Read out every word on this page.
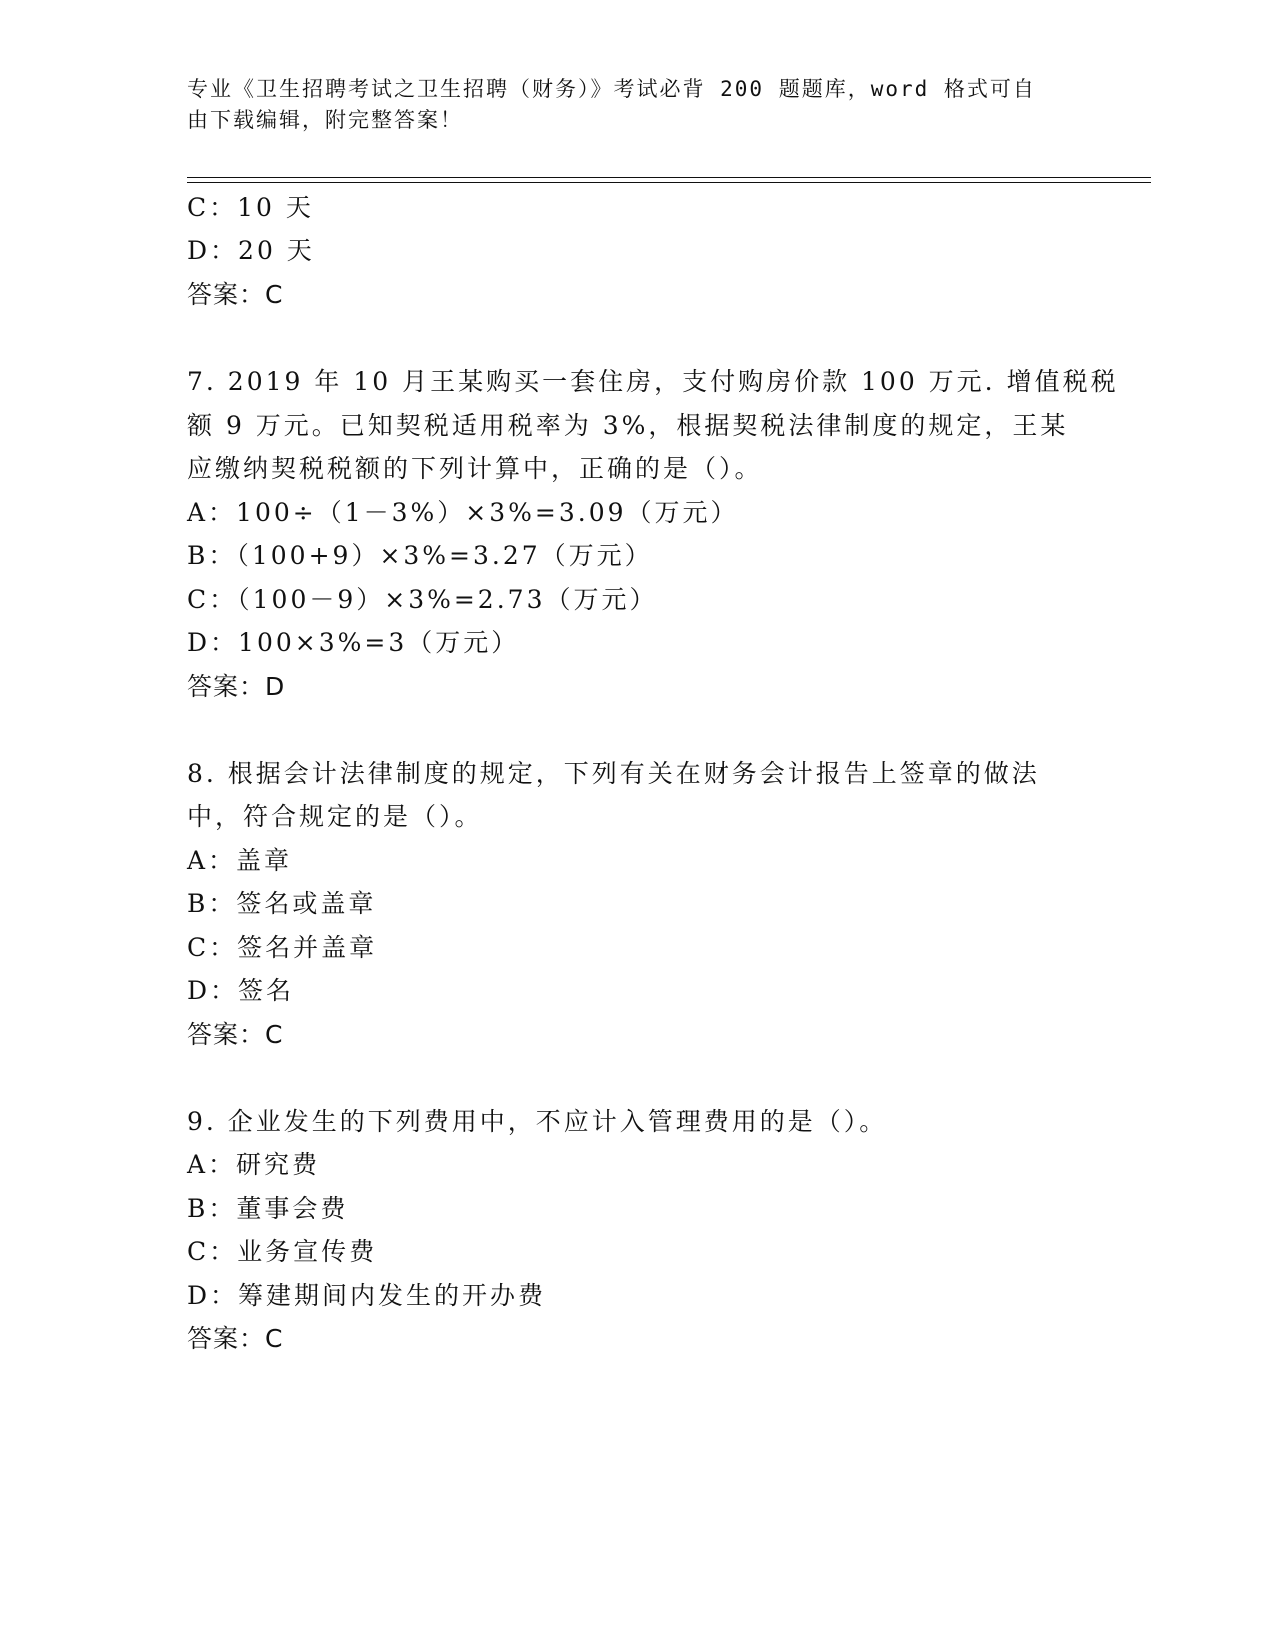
专业《卫生招聘考试之卫生招聘（财务）》考试必背 200 题题库，word 格式可自
由下载编辑，附完整答案！
C：10 天
D：20 天
答案：C
7. 2019 年 10 月王某购买一套住房，支付购房价款 100 万元. 增值税税
额 9 万元。已知契税适用税率为 3%，根据契税法律制度的规定，王某
应缴纳契税税额的下列计算中，正确的是（）。
A：100÷（1－3%）×3%=3.09（万元）
B：（100+9）×3%=3.27（万元）
C：（100－9）×3%=2.73（万元）
D：100×3%=3（万元）
答案：D
8. 根据会计法律制度的规定，下列有关在财务会计报告上签章的做法
中，符合规定的是（）。
A：盖章
B：签名或盖章
C：签名并盖章
D：签名
答案：C
9. 企业发生的下列费用中，不应计入管理费用的是（）。
A：研究费
B：董事会费
C：业务宣传费
D：筹建期间内发生的开办费
答案：C
